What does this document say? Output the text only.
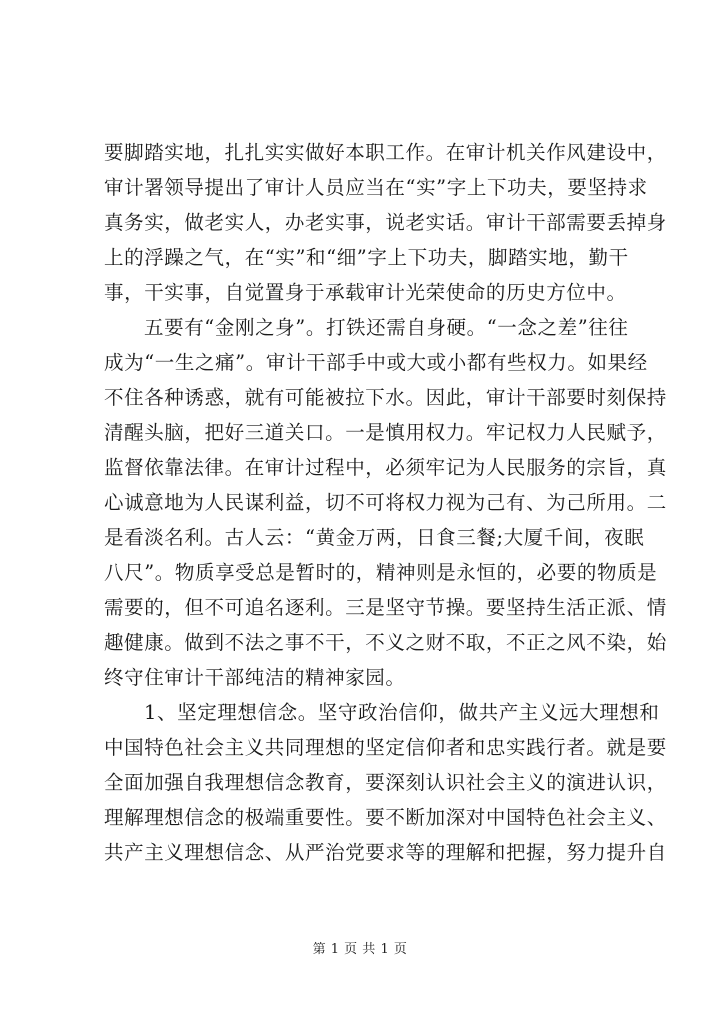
要脚踏实地，扎扎实实做好本职工作。在审计机关作风建设中，
审计署领导提出了审计人员应当在“实”字上下功夫，要坚持求
真务实，做老实人，办老实事，说老实话。审计干部需要丢掉身
上的浮躁之气，在“实”和“细”字上下功夫，脚踏实地，勤干
事，干实事，自觉置身于承载审计光荣使命的历史方位中。
五要有“金刚之身”。打铁还需自身硬。“一念之差”往往
成为“一生之痛”。审计干部手中或大或小都有些权力。如果经
不住各种诱惑，就有可能被拉下水。因此，审计干部要时刻保持
清醒头脑，把好三道关口。一是慎用权力。牢记权力人民赋予，
监督依靠法律。在审计过程中，必须牢记为人民服务的宗旨，真
心诚意地为人民谋利益，切不可将权力视为己有、为己所用。二
是看淡名利。古人云：“黄金万两，日食三餐;大厦千间，夜眠
八尺”。物质享受总是暂时的，精神则是永恒的，必要的物质是
需要的，但不可追名逐利。三是坚守节操。要坚持生活正派、情
趣健康。做到不法之事不干，不义之财不取，不正之风不染，始
终守住审计干部纯洁的精神家园。
1、坚定理想信念。坚守政治信仰，做共产主义远大理想和
中国特色社会主义共同理想的坚定信仰者和忠实践行者。就是要
全面加强自我理想信念教育，要深刻认识社会主义的演进认识，
理解理想信念的极端重要性。要不断加深对中国特色社会主义、
共产主义理想信念、从严治党要求等的理解和把握，努力提升自
第 1 页 共 1 页
